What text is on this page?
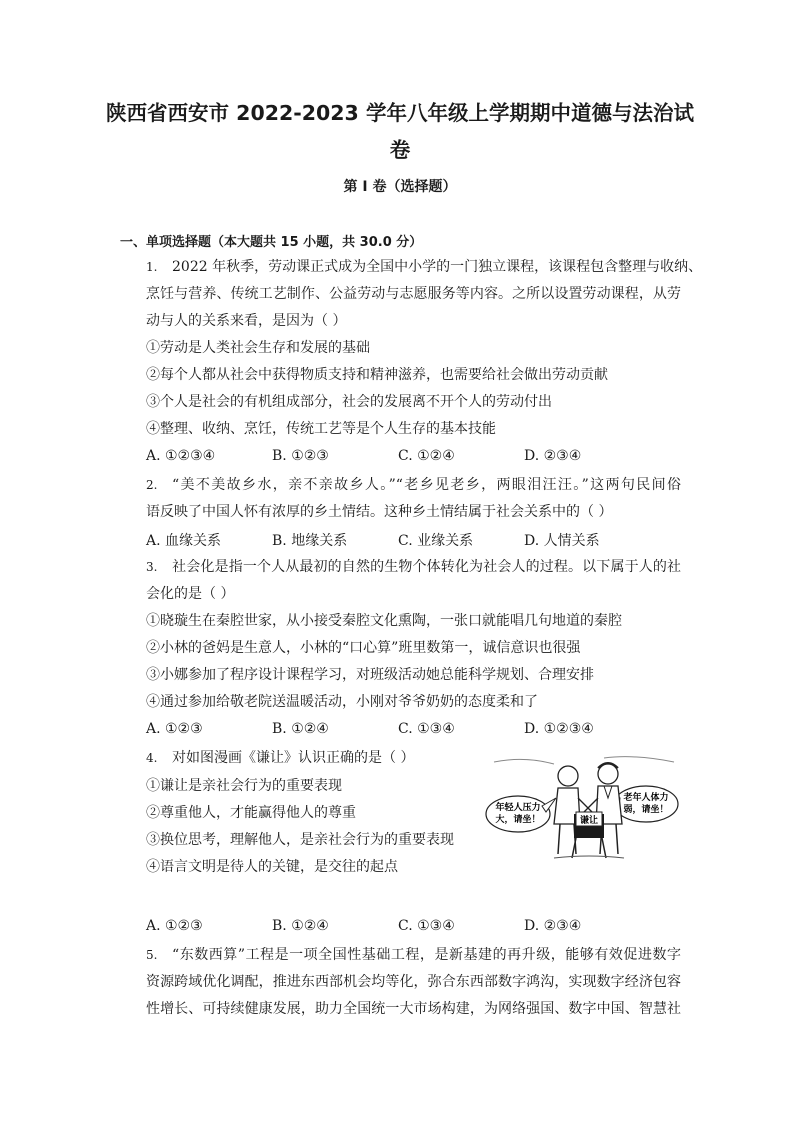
陕西省西安市 2022-2023 学年八年级上学期期中道德与法治试
卷
第 I 卷（选择题）
一、单项选择题（本大题共 15 小题，共 30.0 分）
1. 2022 年秋季，劳动课正式成为全国中小学的一门独立课程，该课程包含整理与收纳、
烹饪与营养、传统工艺制作、公益劳动与志愿服务等内容。之所以设置劳动课程，从劳
动与人的关系来看，是因为（ ）
①劳动是人类社会生存和发展的基础
②每个人都从社会中获得物质支持和精神滋养，也需要给社会做出劳动贡献
③个人是社会的有机组成部分，社会的发展离不开个人的劳动付出
④整理、收纳、烹饪，传统工艺等是个人生存的基本技能
A. ①②③④	B. ①②③	C. ①②④	D. ②③④
2. “美不美故乡水，亲不亲故乡人。”“老乡见老乡，两眼泪汪汪。”这两句民间俗
语反映了中国人怀有浓厚的乡土情结。这种乡土情结属于社会关系中的（ ）
A. 血缘关系	B. 地缘关系	C. 业缘关系	D. 人情关系
3. 社会化是指一个人从最初的自然的生物个体转化为社会人的过程。以下属于人的社
会化的是（ ）
①晓璇生在秦腔世家，从小接受秦腔文化熏陶，一张口就能唱几句地道的秦腔
②小林的爸妈是生意人，小林的“口心算”班里数第一，诚信意识也很强
③小娜参加了程序设计课程学习，对班级活动她总能科学规划、合理安排
④通过参加给敬老院送温暖活动，小刚对爷爷奶奶的态度柔和了
A. ①②③	B. ①②④	C. ①③④	D. ①②③④
4. 对如图漫画《谦让》认识正确的是（ ）
①谦让是亲社会行为的重要表现
②尊重他人，才能赢得他人的尊重
③换位思考，理解他人，是亲社会行为的重要表现
④语言文明是待人的关键，是交往的起点
年轻人压力
大，请坐！
老年人体力
弱，请坐！
谦让
A. ①②③	B. ①②④	C. ①③④	D. ②③④
5. “东数西算”工程是一项全国性基础工程，是新基建的再升级，能够有效促进数字
资源跨域优化调配，推进东西部机会均等化，弥合东西部数字鸿沟，实现数字经济包容
性增长、可持续健康发展，助力全国统一大市场构建，为网络强国、数字中国、智慧社
